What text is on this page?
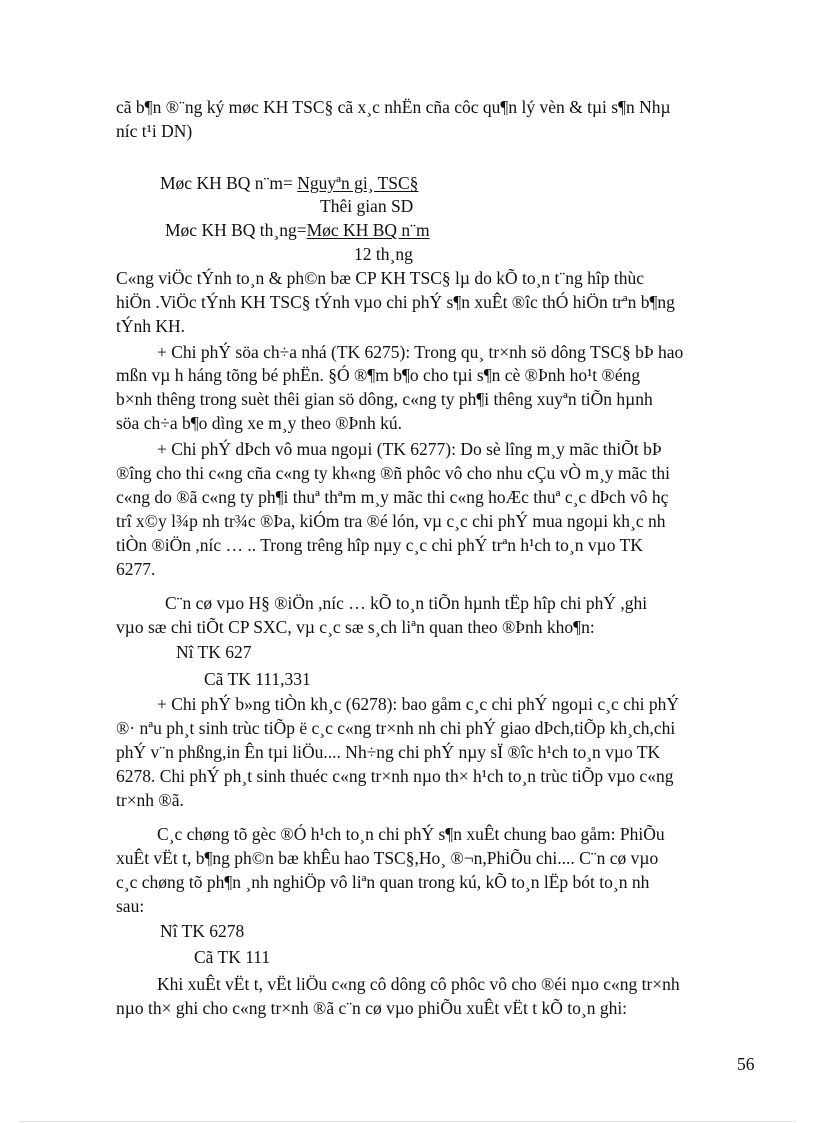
cã b¶n ®¨ng ký møc KH TSC§ cã x¸c nhËn cña côc qu¶n lý vèn & tµi s¶n Nhµ
níc t¹i DN)
Møc KH BQ n¨m= Nguyªn gi¸ TSC§
Thêi gian SD
Møc KH BQ th¸ng=Møc KH BQ n¨m
12 th¸ng
C«ng viÖc tÝnh to¸n & ph©n bæ CP KH TSC§ lµ do kÕ to¸n t¨ng hîp thùc
hiÖn .ViÖc tÝnh KH TSC§ tÝnh vµo chi phÝ s¶n xuÊt ®îc thÓ hiÖn trªn b¶ng
tÝnh KH.
+ Chi phÝ söa ch÷a nhá (TK 6275): Trong qu¸ tr×nh sö dông TSC§ bÞ hao
mßn vµ h háng tõng bé phËn. §Ó ®¶m b¶o cho tµi s¶n cè ®Þnh ho¹t ®éng
b×nh thêng trong suèt thêi gian sö dông, c«ng ty ph¶i thêng xuyªn tiÕn hµnh
söa ch÷a b¶o dìng xe m¸y theo ®Þnh kú.
+ Chi phÝ dÞch vô mua ngoµi (TK 6277): Do sè lîng m¸y mãc thiÕt bÞ
®îng cho thi c«ng cña c«ng ty kh«ng ®ñ phôc vô cho nhu cÇu vÒ m¸y mãc thi
c«ng do ®ã c«ng ty ph¶i thuª thªm m¸y mãc thi c«ng hoÆc thuª c¸c dÞch vô hç
trî x©y l¾p nh tr¾c ®Þa, kiÓm tra ®é lón, vµ c¸c chi phÝ mua ngoµi kh¸c nh
tiÒn ®iÖn ,níc … .. Trong trêng hîp nµy c¸c chi phÝ trªn h¹ch to¸n vµo TK
6277.
C¨n cø vµo H§ ®iÖn ,níc … kÕ to¸n tiÕn hµnh tËp hîp chi phÝ ,ghi
vµo sæ chi tiÕt CP SXC, vµ c¸c sæ s¸ch liªn quan theo ®Þnh kho¶n:
Nî TK 627
Cã TK 111,331
+ Chi phÝ b»ng tiÒn kh¸c (6278): bao gåm c¸c chi phÝ ngoµi c¸c chi phÝ
®· nªu ph¸t sinh trùc tiÕp ë c¸c c«ng tr×nh nh chi phÝ giao dÞch,tiÕp kh¸ch,chi
phÝ v¨n phßng,in Ên tµi liÖu.... Nh÷ng chi phÝ nµy sÏ ®îc h¹ch to¸n vµo TK
6278. Chi phÝ ph¸t sinh thuéc c«ng tr×nh nµo th× h¹ch to¸n trùc tiÕp vµo c«ng
tr×nh ®ã.
C¸c chøng tõ gèc ®Ó h¹ch to¸n chi phÝ s¶n xuÊt chung bao gåm: PhiÕu
xuÊt vËt t, b¶ng ph©n bæ khÊu hao TSC§,Ho¸ ®¬n,PhiÕu chi.... C¨n cø vµo
c¸c chøng tõ ph¶n ¸nh nghiÖp vô liªn quan trong kú, kÕ to¸n lËp bót to¸n nh
sau:
Nî TK 6278
Cã TK 111
Khi xuÊt vËt t, vËt liÖu c«ng cô dông cô phôc vô cho ®éi nµo c«ng tr×nh
nµo th× ghi cho c«ng tr×nh ®ã c¨n cø vµo phiÕu xuÊt vËt t kÕ to¸n ghi:
56
